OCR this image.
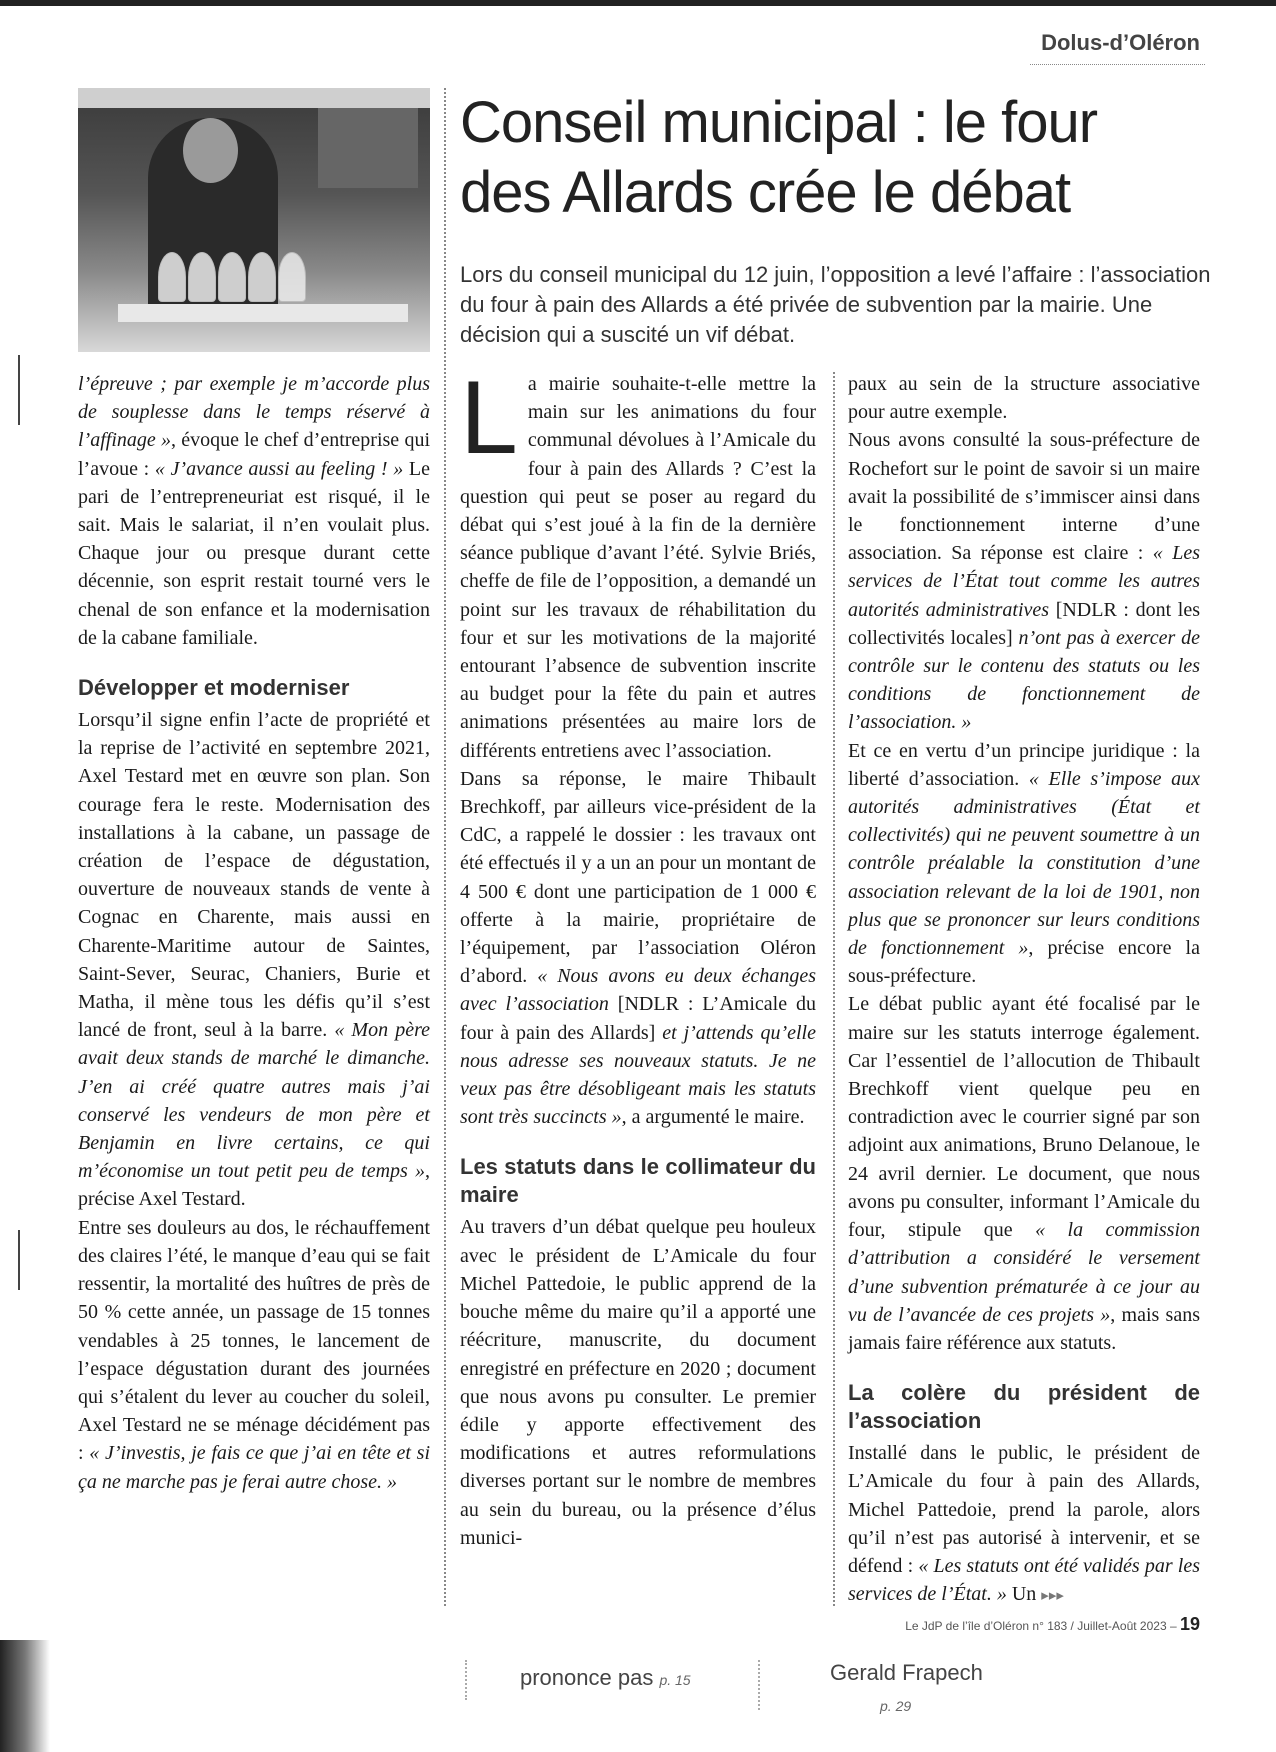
Dolus-d’Oléron
Conseil municipal : le four
des Allards crée le débat

Lors du conseil municipal du 12 juin, l’opposition a levé l’affaire : l’association du four à pain des Allards a été privée de subvention par la mairie. Une décision qui a suscité un vif débat.

l’épreuve ; par exemple je m’accorde plus de souplesse dans le temps réservé à l’affinage », évoque le chef d’entreprise qui l’avoue : « J’avance aussi au feeling ! » Le pari de l’entrepreneuriat est risqué, il le sait. Mais le salariat, il n’en voulait plus. Chaque jour ou presque durant cette décennie, son esprit restait tourné vers le chenal de son enfance et la modernisation de la cabane familiale.

Développer et moderniser

Lorsqu’il signe enfin l’acte de propriété et la reprise de l’activité en septembre 2021, Axel Testard met en œuvre son plan. Son courage fera le reste. Modernisation des installations à la cabane, un passage de création de l’espace de dégustation, ouverture de nouveaux stands de vente à Cognac en Charente, mais aussi en Charente-Maritime autour de Saintes, Saint-Sever, Seurac, Chaniers, Burie et Matha, il mène tous les défis qu’il s’est lancé de front, seul à la barre. « Mon père avait deux stands de marché le dimanche. J’en ai créé quatre autres mais j’ai conservé les vendeurs de mon père et Benjamin en livre certains, ce qui m’économise un tout petit peu de temps », précise Axel Testard.

Entre ses douleurs au dos, le réchauffement des claires l’été, le manque d’eau qui se fait ressentir, la mortalité des huîtres de près de 50 % cette année, un passage de 15 tonnes vendables à 25 tonnes, le lancement de l’espace dégustation durant des journées qui s’étalent du lever au coucher du soleil, Axel Testard ne se ménage décidément pas : « J’investis, je fais ce que j’ai en tête et si ça ne marche pas je ferai autre chose. »

La mairie souhaite-t-elle mettre la main sur les animations du four communal dévolues à l’Amicale du four à pain des Allards ? C’est la question qui peut se poser au regard du débat qui s’est joué à la fin de la dernière séance publique d’avant l’été. Sylvie Briés, cheffe de file de l’opposition, a demandé un point sur les travaux de réhabilitation du four et sur les motivations de la majorité entourant l’absence de subvention inscrite au budget pour la fête du pain et autres animations présentées au maire lors de différents entretiens avec l’association.

Dans sa réponse, le maire Thibault Brechkoff, par ailleurs vice-président de la CdC, a rappelé le dossier : les travaux ont été effectués il y a un an pour un montant de 4 500 € dont une participation de 1 000 € offerte à la mairie, propriétaire de l’équipement, par l’association Oléron d’abord. « Nous avons eu deux échanges avec l’association [NDLR : L’Amicale du four à pain des Allards] et j’attends qu’elle nous adresse ses nouveaux statuts. Je ne veux pas être désobligeant mais les statuts sont très succincts », a argumenté le maire.

Les statuts dans le collimateur du maire

Au travers d’un débat quelque peu houleux avec le président de L’Amicale du four Michel Pattedoie, le public apprend de la bouche même du maire qu’il a apporté une réécriture, manuscrite, du document enregistré en préfecture en 2020 ; document que nous avons pu consulter. Le premier édile y apporte effectivement des modifications et autres reformulations diverses portant sur le nombre de membres au sein du bureau, ou la présence d’élus munici-

paux au sein de la structure associative pour autre exemple.

Nous avons consulté la sous-préfecture de Rochefort sur le point de savoir si un maire avait la possibilité de s’immiscer ainsi dans le fonctionnement interne d’une association. Sa réponse est claire : « Les services de l’État tout comme les autres autorités administratives [NDLR : dont les collectivités locales] n’ont pas à exercer de contrôle sur le contenu des statuts ou les conditions de fonctionnement de l’association. »

Et ce en vertu d’un principe juridique : la liberté d’association. « Elle s’impose aux autorités administratives (État et collectivités) qui ne peuvent soumettre à un contrôle préalable la constitution d’une association relevant de la loi de 1901, non plus que se prononcer sur leurs conditions de fonctionnement », précise encore la sous-préfecture.

Le débat public ayant été focalisé par le maire sur les statuts interroge également. Car l’essentiel de l’allocution de Thibault Brechkoff vient quelque peu en contradiction avec le courrier signé par son adjoint aux animations, Bruno Delanoue, le 24 avril dernier. Le document, que nous avons pu consulter, informant l’Amicale du four, stipule que « la commission d’attribution a considéré le versement d’une subvention prématurée à ce jour au vu de l’avancée de ces projets », mais sans jamais faire référence aux statuts.

La colère du président de l’association

Installé dans le public, le président de L’Amicale du four à pain des Allards, Michel Pattedoie, prend la parole, alors qu’il n’est pas autorisé à intervenir, et se défend : « Les statuts ont été validés par les services de l’État. » Un ▸▸▸

Le JdP de l’île d’Oléron n° 183 / Juillet-Août 2023 – 19
prononce pas p. 15	Gerald Frapech
p. 29
